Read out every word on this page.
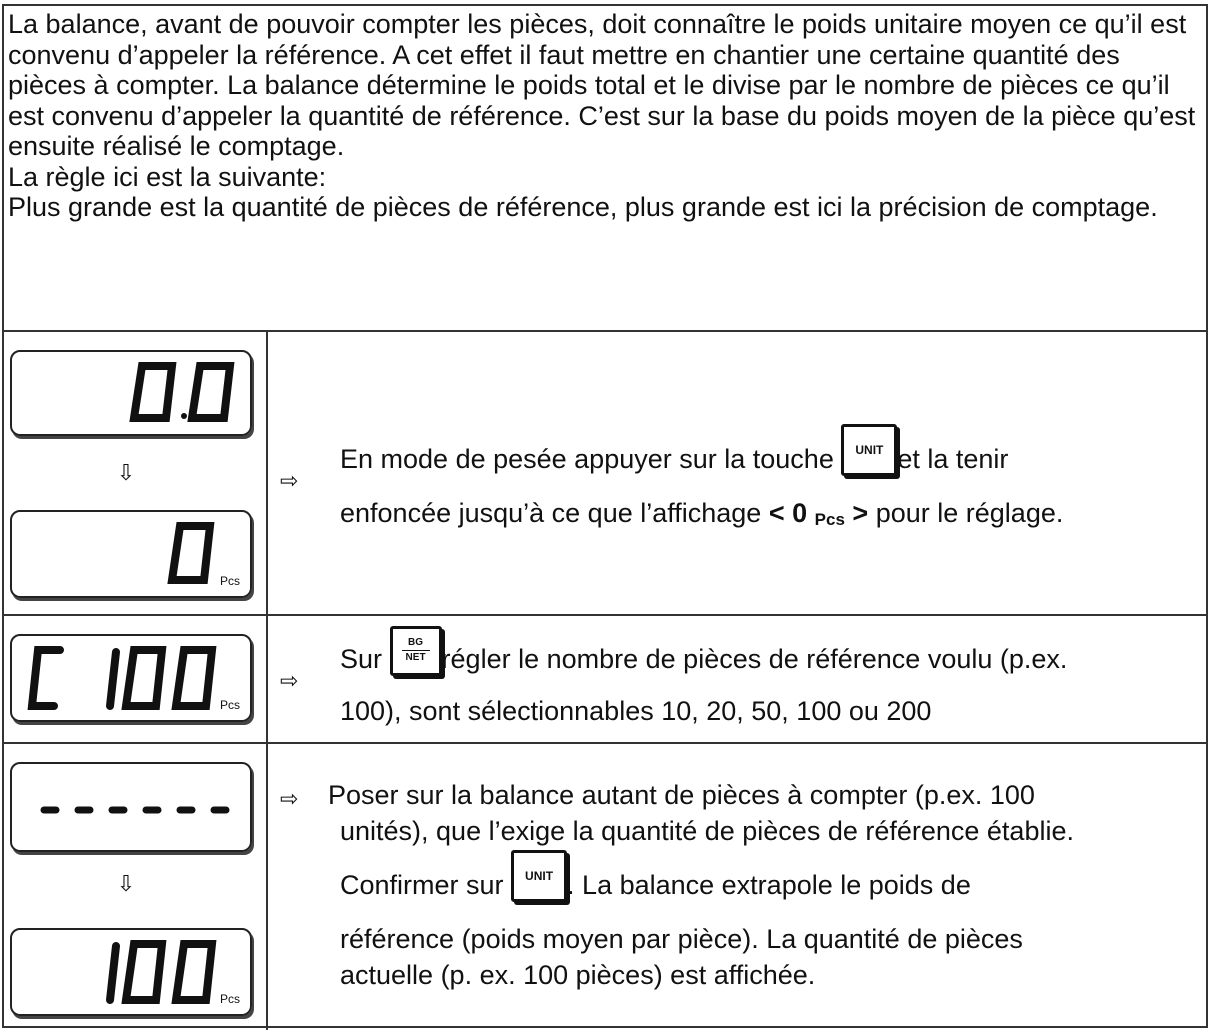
La balance, avant de pouvoir compter les pièces, doit connaître le poids unitaire moyen ce qu’il est convenu d’appeler la référence. A cet effet il faut mettre en chantier une certaine quantité des pièces à compter. La balance détermine le poids total et le divise par le nombre de pièces ce qu’il est convenu d’appeler la quantité de référence. C’est sur la base du poids moyen de la pièce qu’est ensuite réalisé le comptage.

La règle ici est la suivante:

Plus grande est la quantité de pièces de référence, plus grande est ici la précision de comptage.

⇩
Pcs
⇨
En mode de pesée appuyer sur la touche	UNIT et la tenir
enfoncée jusqu’à ce que l’affichage < 0 Pcs > pour le réglage.
Pcs
⇨
Sur
BG
NET régler le nombre de pièces de référence voulu (p.ex.
100), sont sélectionnables 10, 20, 50, 100 ou 200
⇩
Pcs
⇨ Poser sur la balance autant de pièces à compter (p.ex. 100
unités), que l’exige la quantité de pièces de référence établie.
Confirmer sur	UNIT . La balance extrapole le poids de
référence (poids moyen par pièce). La quantité de pièces
actuelle (p. ex. 100 pièces) est affichée.
